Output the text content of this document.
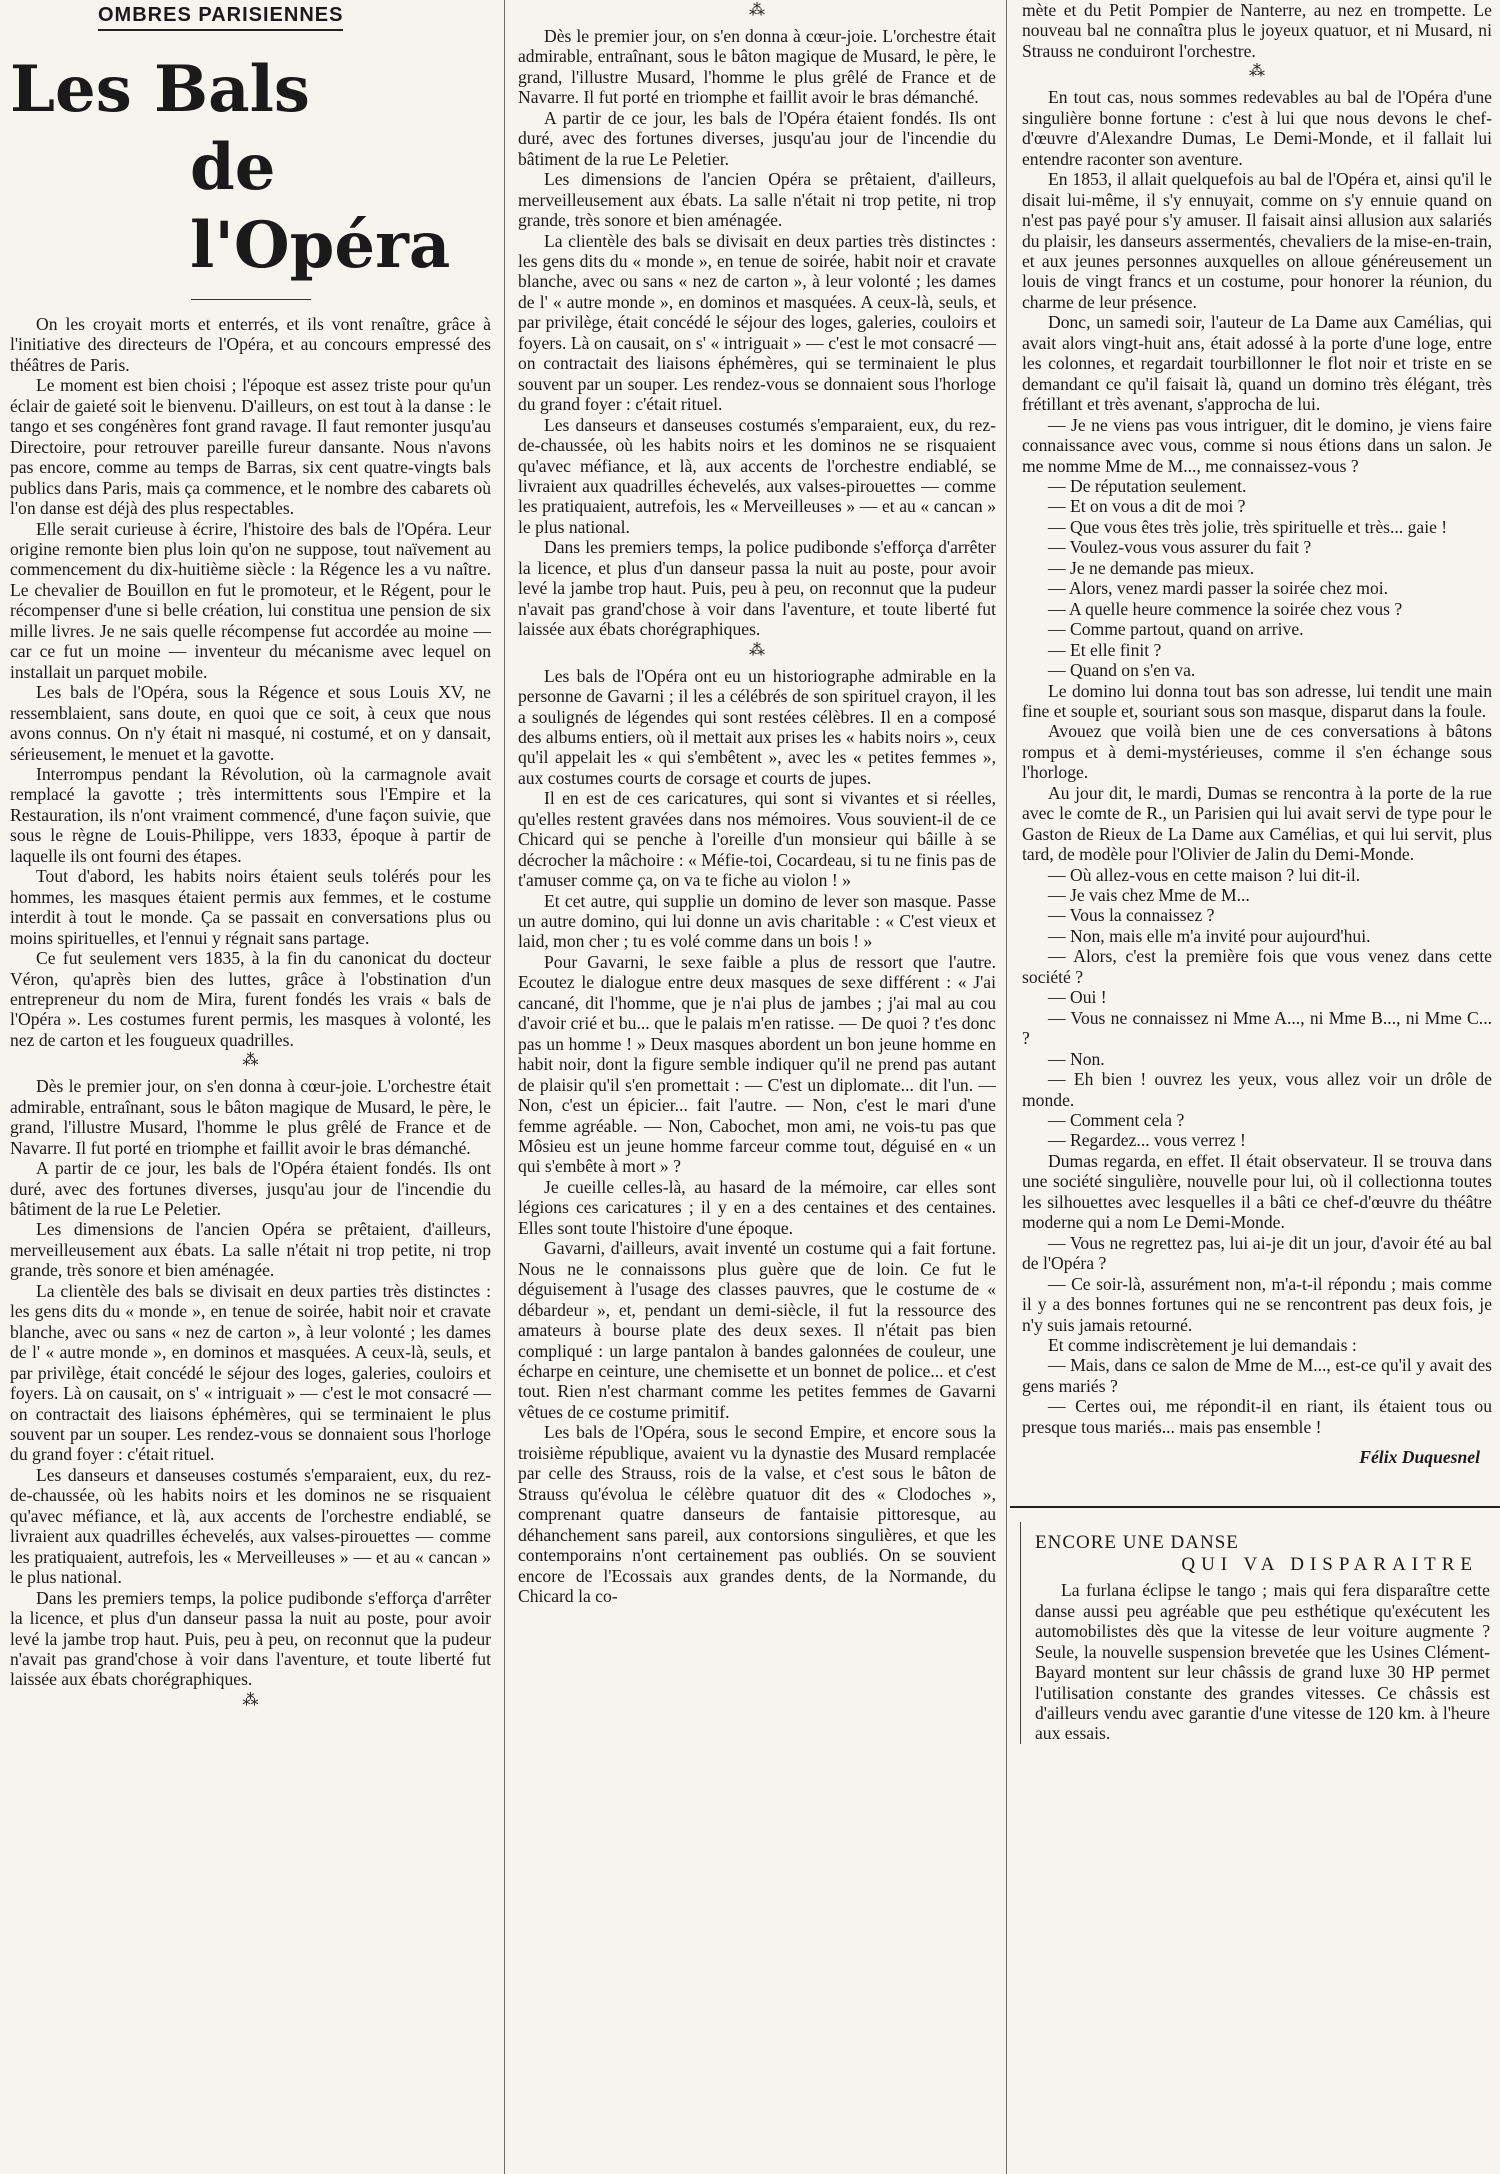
OMBRES PARISIENNES
Les Bals
de l'Opéra

On les croyait morts et enterrés, et ils vont renaître, grâce à l'initiative des directeurs de l'Opéra, et au concours empressé des théâtres de Paris.

Le moment est bien choisi ; l'époque est assez triste pour qu'un éclair de gaieté soit le bienvenu. D'ailleurs, on est tout à la danse : le tango et ses congénères font grand ravage. Il faut remonter jusqu'au Directoire, pour retrouver pareille fureur dansante. Nous n'avons pas encore, comme au temps de Barras, six cent quatre-vingts bals publics dans Paris, mais ça commence, et le nombre des cabarets où l'on danse est déjà des plus respectables.

Elle serait curieuse à écrire, l'histoire des bals de l'Opéra. Leur origine remonte bien plus loin qu'on ne suppose, tout naïvement au commencement du dix-huitième siècle : la Régence les a vu naître. Le chevalier de Bouillon en fut le promoteur, et le Régent, pour le récompenser d'une si belle création, lui constitua une pension de six mille livres. Je ne sais quelle récompense fut accordée au moine — car ce fut un moine — inventeur du mécanisme avec lequel on installait un parquet mobile.

Les bals de l'Opéra, sous la Régence et sous Louis XV, ne ressemblaient, sans doute, en quoi que ce soit, à ceux que nous avons connus. On n'y était ni masqué, ni costumé, et on y dansait, sérieusement, le menuet et la gavotte.

Interrompus pendant la Révolution, où la carmagnole avait remplacé la gavotte ; très intermittents sous l'Empire et la Restauration, ils n'ont vraiment commencé, d'une façon suivie, que sous le règne de Louis-Philippe, vers 1833, époque à partir de laquelle ils ont fourni des étapes.

Tout d'abord, les habits noirs étaient seuls tolérés pour les hommes, les masques étaient permis aux femmes, et le costume interdit à tout le monde. Ça se passait en conversations plus ou moins spirituelles, et l'ennui y régnait sans partage.

Ce fut seulement vers 1835, à la fin du canonicat du docteur Véron, qu'après bien des luttes, grâce à l'obstination d'un entrepreneur du nom de Mira, furent fondés les vrais « bals de l'Opéra ». Les costumes furent permis, les masques à volonté, les nez de carton et les fougueux quadrilles.

⁂

Dès le premier jour, on s'en donna à cœur-joie. L'orchestre était admirable, entraînant, sous le bâton magique de Musard, le père, le grand, l'illustre Musard, l'homme le plus grêlé de France et de Navarre. Il fut porté en triomphe et faillit avoir le bras démanché.

A partir de ce jour, les bals de l'Opéra étaient fondés. Ils ont duré, avec des fortunes diverses, jusqu'au jour de l'incendie du bâtiment de la rue Le Peletier.

Les dimensions de l'ancien Opéra se prêtaient, d'ailleurs, merveilleusement aux ébats. La salle n'était ni trop petite, ni trop grande, très sonore et bien aménagée.

La clientèle des bals se divisait en deux parties très distinctes : les gens dits du « monde », en tenue de soirée, habit noir et cravate blanche, avec ou sans « nez de carton », à leur volonté ; les dames de l' « autre monde », en dominos et masquées. A ceux-là, seuls, et par privilège, était concédé le séjour des loges, galeries, couloirs et foyers. Là on causait, on s' « intriguait » — c'est le mot consacré — on contractait des liaisons éphémères, qui se terminaient le plus souvent par un souper. Les rendez-vous se donnaient sous l'horloge du grand foyer : c'était rituel.

Les danseurs et danseuses costumés s'emparaient, eux, du rez-de-chaussée, où les habits noirs et les dominos ne se risquaient qu'avec méfiance, et là, aux accents de l'orchestre endiablé, se livraient aux quadrilles échevelés, aux valses-pirouettes — comme les pratiquaient, autrefois, les « Merveilleuses » — et au « cancan » le plus national.

Dans les premiers temps, la police pudibonde s'efforça d'arrêter la licence, et plus d'un danseur passa la nuit au poste, pour avoir levé la jambe trop haut. Puis, peu à peu, on reconnut que la pudeur n'avait pas grand'chose à voir dans l'aventure, et toute liberté fut laissée aux ébats chorégraphiques.

⁂
⁂

Dès le premier jour, on s'en donna à cœur-joie. L'orchestre était admirable, entraînant, sous le bâton magique de Musard, le père, le grand, l'illustre Musard, l'homme le plus grêlé de France et de Navarre. Il fut porté en triomphe et faillit avoir le bras démanché.

A partir de ce jour, les bals de l'Opéra étaient fondés. Ils ont duré, avec des fortunes diverses, jusqu'au jour de l'incendie du bâtiment de la rue Le Peletier.

Les dimensions de l'ancien Opéra se prêtaient, d'ailleurs, merveilleusement aux ébats. La salle n'était ni trop petite, ni trop grande, très sonore et bien aménagée.

La clientèle des bals se divisait en deux parties très distinctes : les gens dits du « monde », en tenue de soirée, habit noir et cravate blanche, avec ou sans « nez de carton », à leur volonté ; les dames de l' « autre monde », en dominos et masquées. A ceux-là, seuls, et par privilège, était concédé le séjour des loges, galeries, couloirs et foyers. Là on causait, on s' « intriguait » — c'est le mot consacré — on contractait des liaisons éphémères, qui se terminaient le plus souvent par un souper. Les rendez-vous se donnaient sous l'horloge du grand foyer : c'était rituel.

Les danseurs et danseuses costumés s'emparaient, eux, du rez-de-chaussée, où les habits noirs et les dominos ne se risquaient qu'avec méfiance, et là, aux accents de l'orchestre endiablé, se livraient aux quadrilles échevelés, aux valses-pirouettes — comme les pratiquaient, autrefois, les « Merveilleuses » — et au « cancan » le plus national.

Dans les premiers temps, la police pudibonde s'efforça d'arrêter la licence, et plus d'un danseur passa la nuit au poste, pour avoir levé la jambe trop haut. Puis, peu à peu, on reconnut que la pudeur n'avait pas grand'chose à voir dans l'aventure, et toute liberté fut laissée aux ébats chorégraphiques.

⁂

Les bals de l'Opéra ont eu un historiographe admirable en la personne de Gavarni ; il les a célébrés de son spirituel crayon, il les a soulignés de légendes qui sont restées célèbres. Il en a composé des albums entiers, où il mettait aux prises les « habits noirs », ceux qu'il appelait les « qui s'embêtent », avec les « petites femmes », aux costumes courts de corsage et courts de jupes.

Il en est de ces caricatures, qui sont si vivantes et si réelles, qu'elles restent gravées dans nos mémoires. Vous souvient-il de ce Chicard qui se penche à l'oreille d'un monsieur qui bâille à se décrocher la mâchoire : « Méfie-toi, Cocardeau, si tu ne finis pas de t'amuser comme ça, on va te fiche au violon ! »

Et cet autre, qui supplie un domino de lever son masque. Passe un autre domino, qui lui donne un avis charitable : « C'est vieux et laid, mon cher ; tu es volé comme dans un bois ! »

Pour Gavarni, le sexe faible a plus de ressort que l'autre. Ecoutez le dialogue entre deux masques de sexe différent : « J'ai cancané, dit l'homme, que je n'ai plus de jambes ; j'ai mal au cou d'avoir crié et bu... que le palais m'en ratisse. — De quoi ? t'es donc pas un homme ! » Deux masques abordent un bon jeune homme en habit noir, dont la figure semble indiquer qu'il ne prend pas autant de plaisir qu'il s'en promettait : — C'est un diplomate... dit l'un. — Non, c'est un épicier... fait l'autre. — Non, c'est le mari d'une femme agréable. — Non, Cabochet, mon ami, ne vois-tu pas que Môsieu est un jeune homme farceur comme tout, déguisé en « un qui s'embête à mort » ?

Je cueille celles-là, au hasard de la mémoire, car elles sont légions ces caricatures ; il y en a des centaines et des centaines. Elles sont toute l'histoire d'une époque.

Gavarni, d'ailleurs, avait inventé un costume qui a fait fortune. Nous ne le connaissons plus guère que de loin. Ce fut le déguisement à l'usage des classes pauvres, que le costume de « débardeur », et, pendant un demi-siècle, il fut la ressource des amateurs à bourse plate des deux sexes. Il n'était pas bien compliqué : un large pantalon à bandes galonnées de couleur, une écharpe en ceinture, une chemisette et un bonnet de police... et c'est tout. Rien n'est charmant comme les petites femmes de Gavarni vêtues de ce costume primitif.

Les bals de l'Opéra, sous le second Empire, et encore sous la troisième république, avaient vu la dynastie des Musard remplacée par celle des Strauss, rois de la valse, et c'est sous le bâton de Strauss qu'évolua le célèbre quatuor dit des « Clodoches », comprenant quatre danseurs de fantaisie pittoresque, au déhanchement sans pareil, aux contorsions singulières, et que les contemporains n'ont certainement pas oubliés. On se souvient encore de l'Ecossais aux grandes dents, de la Normande, du Chicard la co-

mète et du Petit Pompier de Nanterre, au nez en trompette. Le nouveau bal ne connaîtra plus le joyeux quatuor, et ni Musard, ni Strauss ne conduiront l'orchestre.

⁂

En tout cas, nous sommes redevables au bal de l'Opéra d'une singulière bonne fortune : c'est à lui que nous devons le chef-d'œuvre d'Alexandre Dumas, Le Demi-Monde, et il fallait lui entendre raconter son aventure.

En 1853, il allait quelquefois au bal de l'Opéra et, ainsi qu'il le disait lui-même, il s'y ennuyait, comme on s'y ennuie quand on n'est pas payé pour s'y amuser. Il faisait ainsi allusion aux salariés du plaisir, les danseurs assermentés, chevaliers de la mise-en-train, et aux jeunes personnes auxquelles on alloue généreusement un louis de vingt francs et un costume, pour honorer la réunion, du charme de leur présence.

Donc, un samedi soir, l'auteur de La Dame aux Camélias, qui avait alors vingt-huit ans, était adossé à la porte d'une loge, entre les colonnes, et regardait tourbillonner le flot noir et triste en se demandant ce qu'il faisait là, quand un domino très élégant, très frétillant et très avenant, s'approcha de lui.

— Je ne viens pas vous intriguer, dit le domino, je viens faire connaissance avec vous, comme si nous étions dans un salon. Je me nomme Mme de M..., me connaissez-vous ?

— De réputation seulement.

— Et on vous a dit de moi ?

— Que vous êtes très jolie, très spirituelle et très... gaie !

— Voulez-vous vous assurer du fait ?

— Je ne demande pas mieux.

— Alors, venez mardi passer la soirée chez moi.

— A quelle heure commence la soirée chez vous ?

— Comme partout, quand on arrive.

— Et elle finit ?

— Quand on s'en va.

Le domino lui donna tout bas son adresse, lui tendit une main fine et souple et, souriant sous son masque, disparut dans la foule.

Avouez que voilà bien une de ces conversations à bâtons rompus et à demi-mystérieuses, comme il s'en échange sous l'horloge.

Au jour dit, le mardi, Dumas se rencontra à la porte de la rue avec le comte de R., un Parisien qui lui avait servi de type pour le Gaston de Rieux de La Dame aux Camélias, et qui lui servit, plus tard, de modèle pour l'Olivier de Jalin du Demi-Monde.

— Où allez-vous en cette maison ? lui dit-il.

— Je vais chez Mme de M...

— Vous la connaissez ?

— Non, mais elle m'a invité pour aujourd'hui.

— Alors, c'est la première fois que vous venez dans cette société ?

— Oui !

— Vous ne connaissez ni Mme A..., ni Mme B..., ni Mme C... ?

— Non.

— Eh bien ! ouvrez les yeux, vous allez voir un drôle de monde.

— Comment cela ?

— Regardez... vous verrez !

Dumas regarda, en effet. Il était observateur. Il se trouva dans une société singulière, nouvelle pour lui, où il collectionna toutes les silhouettes avec lesquelles il a bâti ce chef-d'œuvre du théâtre moderne qui a nom Le Demi-Monde.

— Vous ne regrettez pas, lui ai-je dit un jour, d'avoir été au bal de l'Opéra ?

— Ce soir-là, assurément non, m'a-t-il répondu ; mais comme il y a des bonnes fortunes qui ne se rencontrent pas deux fois, je n'y suis jamais retourné.

Et comme indiscrètement je lui demandais :

— Mais, dans ce salon de Mme de M..., est-ce qu'il y avait des gens mariés ?

— Certes oui, me répondit-il en riant, ils étaient tous ou presque tous mariés... mais pas ensemble !

Félix Duquesnel
ENCORE UNE DANSE
QUI VA DISPARAITRE

La furlana éclipse le tango ; mais qui fera disparaître cette danse aussi peu agréable que peu esthétique qu'exécutent les automobilistes dès que la vitesse de leur voiture augmente ? Seule, la nouvelle suspension brevetée que les Usines Clément-Bayard montent sur leur châssis de grand luxe 30 HP permet l'utilisation constante des grandes vitesses. Ce châssis est d'ailleurs vendu avec garantie d'une vitesse de 120 km. à l'heure aux essais.
